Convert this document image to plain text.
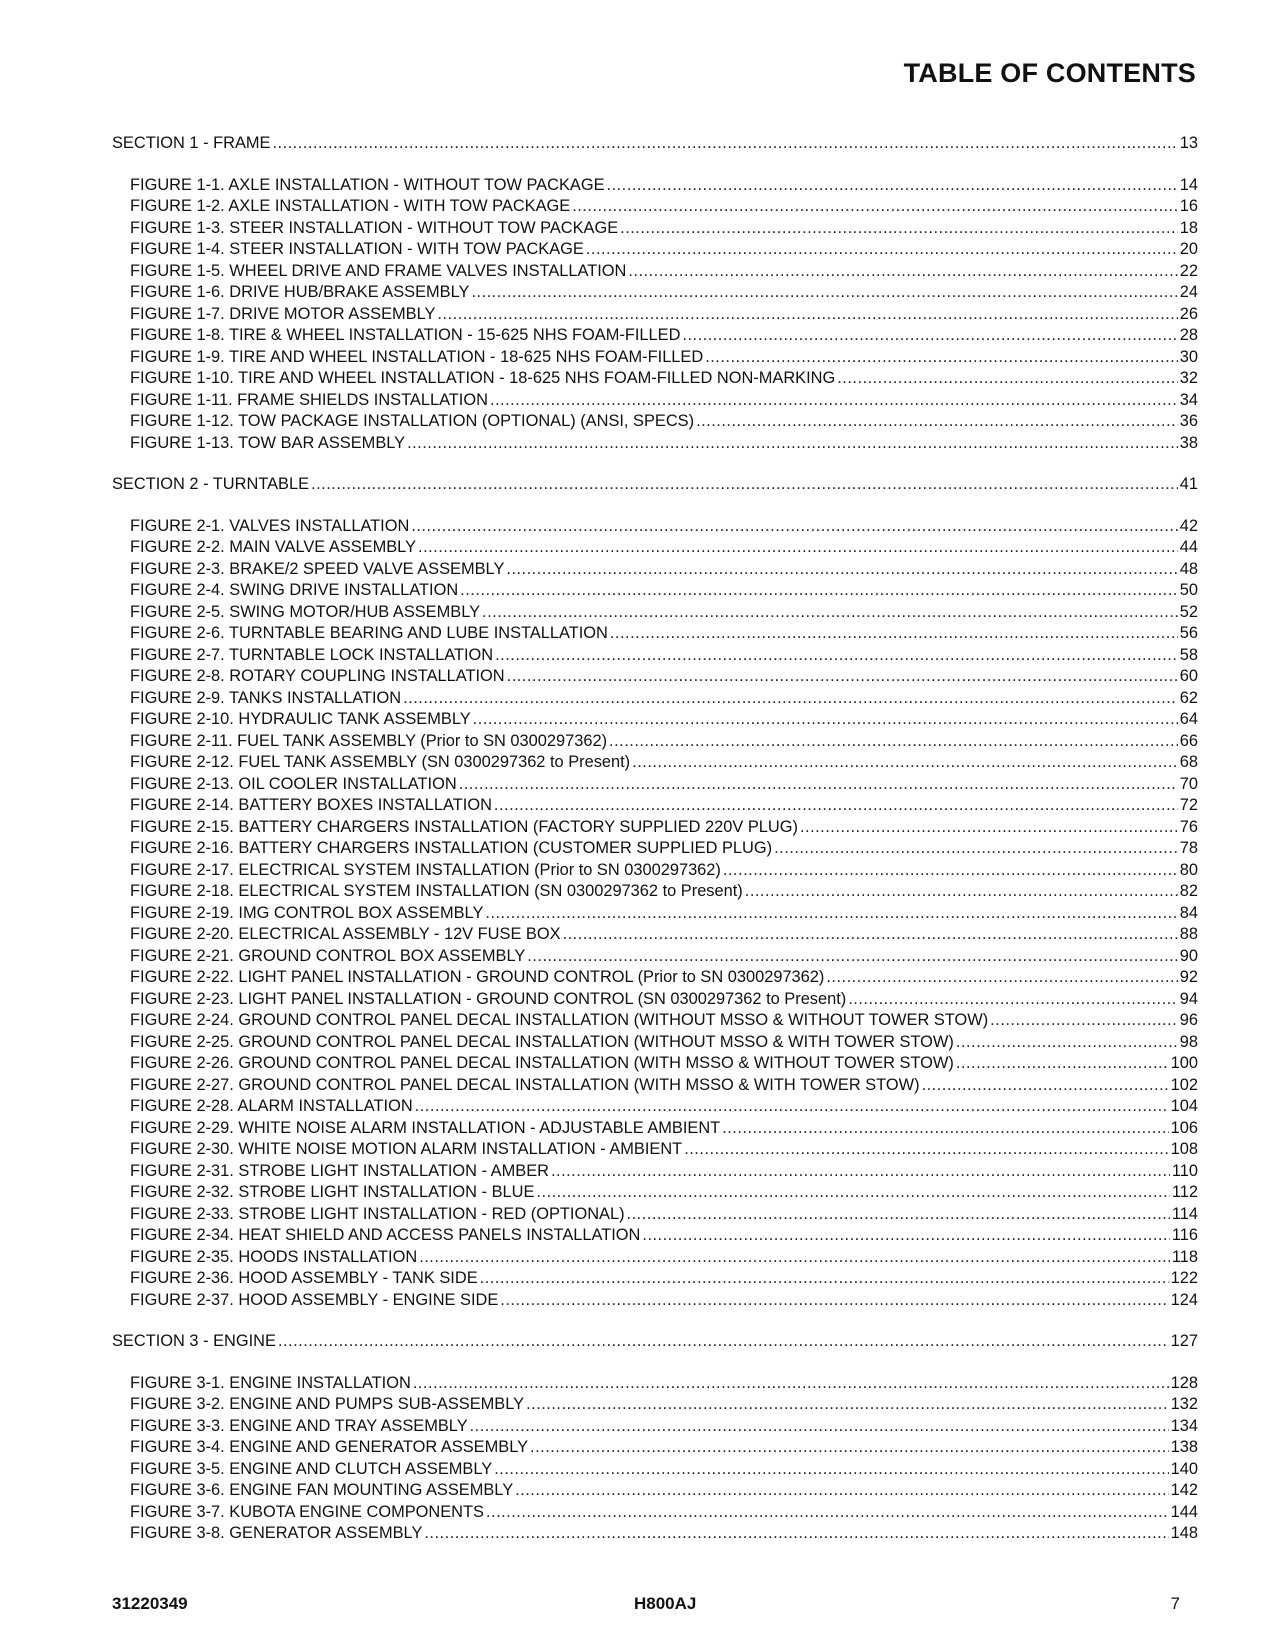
TABLE OF CONTENTS
SECTION 1 - FRAME .....	13
FIGURE 1-1. AXLE INSTALLATION - WITHOUT TOW PACKAGE .....	14
FIGURE 1-2. AXLE INSTALLATION - WITH TOW PACKAGE .....	16
FIGURE 1-3. STEER INSTALLATION - WITHOUT TOW PACKAGE .....	18
FIGURE 1-4. STEER INSTALLATION - WITH TOW PACKAGE .....	20
FIGURE 1-5. WHEEL DRIVE AND FRAME VALVES INSTALLATION .....	22
FIGURE 1-6. DRIVE HUB/BRAKE ASSEMBLY .....	24
FIGURE 1-7. DRIVE MOTOR ASSEMBLY .....	26
FIGURE 1-8. TIRE & WHEEL INSTALLATION - 15-625 NHS FOAM-FILLED .....	28
FIGURE 1-9. TIRE AND WHEEL INSTALLATION - 18-625 NHS FOAM-FILLED .....	30
FIGURE 1-10. TIRE AND WHEEL INSTALLATION - 18-625 NHS FOAM-FILLED NON-MARKING .....	32
FIGURE 1-11. FRAME SHIELDS INSTALLATION .....	34
FIGURE 1-12. TOW PACKAGE INSTALLATION (OPTIONAL) (ANSI, SPECS) .....	36
FIGURE 1-13. TOW BAR ASSEMBLY .....	38
SECTION 2 - TURNTABLE .....	41
FIGURE 2-1. VALVES INSTALLATION .....	42
FIGURE 2-2. MAIN VALVE ASSEMBLY .....	44
FIGURE 2-3. BRAKE/2 SPEED VALVE ASSEMBLY .....	48
FIGURE 2-4. SWING DRIVE INSTALLATION .....	50
FIGURE 2-5. SWING MOTOR/HUB ASSEMBLY .....	52
FIGURE 2-6. TURNTABLE BEARING AND LUBE INSTALLATION .....	56
FIGURE 2-7. TURNTABLE LOCK INSTALLATION .....	58
FIGURE 2-8. ROTARY COUPLING INSTALLATION .....	60
FIGURE 2-9. TANKS INSTALLATION .....	62
FIGURE 2-10. HYDRAULIC TANK ASSEMBLY .....	64
FIGURE 2-11. FUEL TANK ASSEMBLY (Prior to SN 0300297362) .....	66
FIGURE 2-12. FUEL TANK ASSEMBLY (SN 0300297362 to Present) .....	68
FIGURE 2-13. OIL COOLER INSTALLATION .....	70
FIGURE 2-14. BATTERY BOXES INSTALLATION .....	72
FIGURE 2-15. BATTERY CHARGERS INSTALLATION (FACTORY SUPPLIED 220V PLUG) .....	76
FIGURE 2-16. BATTERY CHARGERS INSTALLATION (CUSTOMER SUPPLIED PLUG) .....	78
FIGURE 2-17. ELECTRICAL SYSTEM INSTALLATION (Prior to SN 0300297362) .....	80
FIGURE 2-18. ELECTRICAL SYSTEM INSTALLATION (SN 0300297362 to Present) .....	82
FIGURE 2-19. IMG CONTROL BOX ASSEMBLY .....	84
FIGURE 2-20. ELECTRICAL ASSEMBLY - 12V FUSE BOX .....	88
FIGURE 2-21. GROUND CONTROL BOX ASSEMBLY .....	90
FIGURE 2-22. LIGHT PANEL INSTALLATION - GROUND CONTROL (Prior to SN 0300297362) .....	92
FIGURE 2-23. LIGHT PANEL INSTALLATION - GROUND CONTROL (SN 0300297362 to Present) .....	94
FIGURE 2-24. GROUND CONTROL PANEL DECAL INSTALLATION (WITHOUT MSSO & WITHOUT TOWER STOW) .....	96
FIGURE 2-25. GROUND CONTROL PANEL DECAL INSTALLATION (WITHOUT MSSO & WITH TOWER STOW) .....	98
FIGURE 2-26. GROUND CONTROL PANEL DECAL INSTALLATION (WITH MSSO & WITHOUT TOWER STOW) .....	100
FIGURE 2-27. GROUND CONTROL PANEL DECAL INSTALLATION (WITH MSSO & WITH TOWER STOW) .....	102
FIGURE 2-28. ALARM INSTALLATION .....	104
FIGURE 2-29. WHITE NOISE ALARM INSTALLATION - ADJUSTABLE AMBIENT .....	106
FIGURE 2-30. WHITE NOISE MOTION ALARM INSTALLATION - AMBIENT .....	108
FIGURE 2-31. STROBE LIGHT INSTALLATION - AMBER .....	110
FIGURE 2-32. STROBE LIGHT INSTALLATION - BLUE .....	112
FIGURE 2-33. STROBE LIGHT INSTALLATION - RED (OPTIONAL) .....	114
FIGURE 2-34. HEAT SHIELD AND ACCESS PANELS INSTALLATION .....	116
FIGURE 2-35. HOODS INSTALLATION .....	118
FIGURE 2-36. HOOD ASSEMBLY - TANK SIDE .....	122
FIGURE 2-37. HOOD ASSEMBLY - ENGINE SIDE .....	124
SECTION 3 - ENGINE .....	127
FIGURE 3-1. ENGINE INSTALLATION .....	128
FIGURE 3-2. ENGINE AND PUMPS SUB-ASSEMBLY .....	132
FIGURE 3-3. ENGINE AND TRAY ASSEMBLY .....	134
FIGURE 3-4. ENGINE AND GENERATOR ASSEMBLY .....	138
FIGURE 3-5. ENGINE AND CLUTCH ASSEMBLY .....	140
FIGURE 3-6. ENGINE FAN MOUNTING ASSEMBLY .....	142
FIGURE 3-7. KUBOTA ENGINE COMPONENTS .....	144
FIGURE 3-8. GENERATOR ASSEMBLY .....	148
31220349	H800AJ	7
